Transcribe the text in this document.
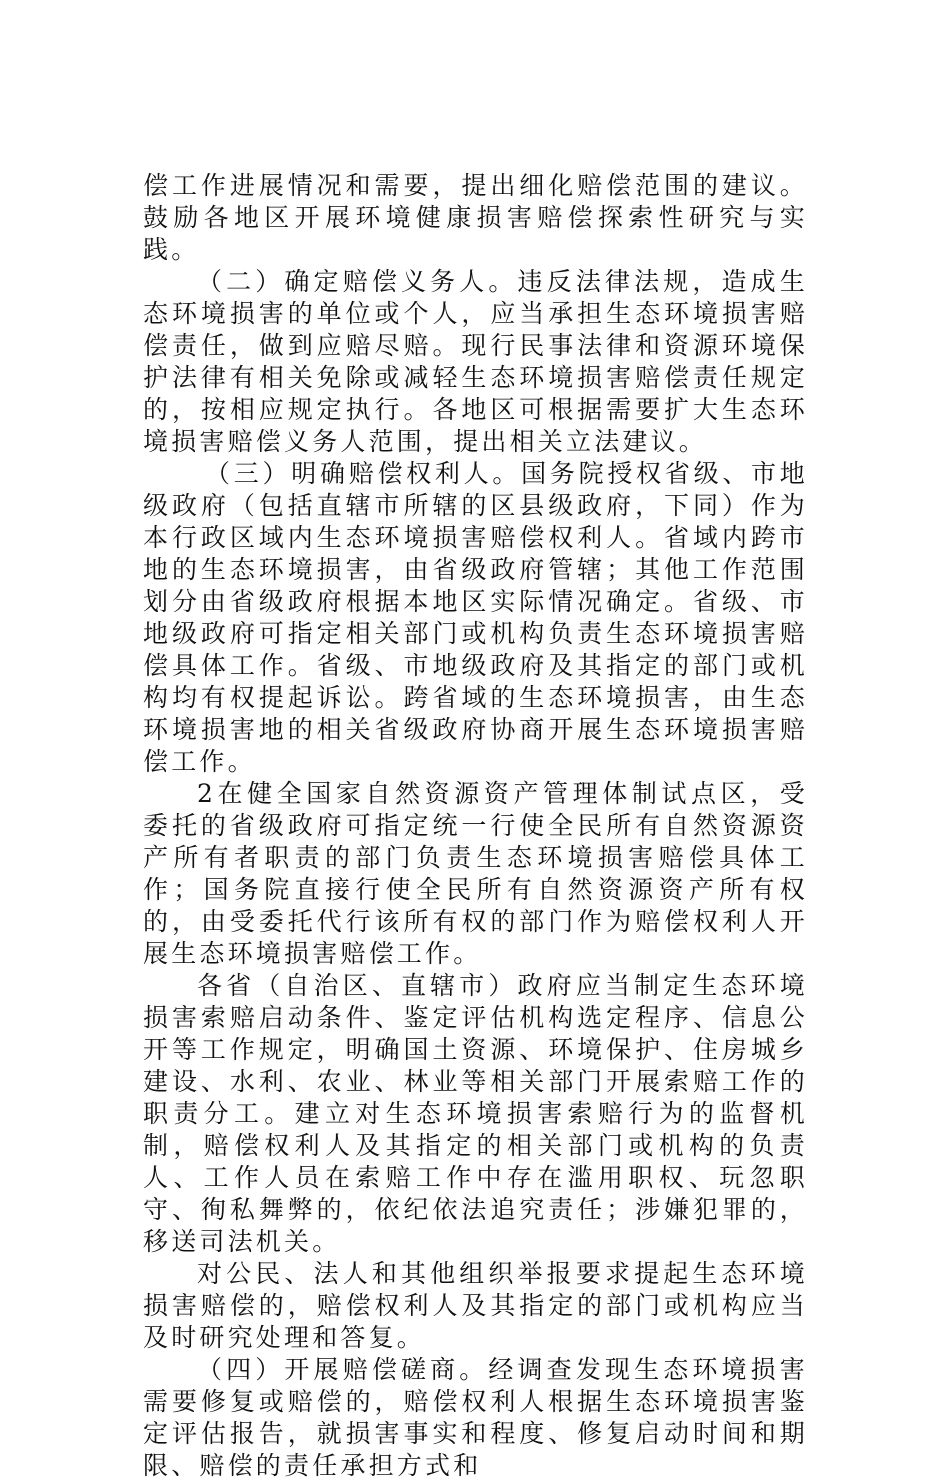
偿工作进展情况和需要，提出细化赔偿范围的建议。鼓励各地区开展环境健康损害赔偿探索性研究与实践。

（二）确定赔偿义务人。违反法律法规，造成生态环境损害的单位或个人，应当承担生态环境损害赔偿责任，做到应赔尽赔。现行民事法律和资源环境保护法律有相关免除或减轻生态环境损害赔偿责任规定的，按相应规定执行。各地区可根据需要扩大生态环境损害赔偿义务人范围，提出相关立法建议。

（三）明确赔偿权利人。国务院授权省级、市地级政府（包括直辖市所辖的区县级政府，下同）作为本行政区域内生态环境损害赔偿权利人。省域内跨市地的生态环境损害，由省级政府管辖；其他工作范围划分由省级政府根据本地区实际情况确定。省级、市地级政府可指定相关部门或机构负责生态环境损害赔偿具体工作。省级、市地级政府及其指定的部门或机构均有权提起诉讼。跨省域的生态环境损害，由生态环境损害地的相关省级政府协商开展生态环境损害赔偿工作。

2在健全国家自然资源资产管理体制试点区，受委托的省级政府可指定统一行使全民所有自然资源资产所有者职责的部门负责生态环境损害赔偿具体工作；国务院直接行使全民所有自然资源资产所有权的，由受委托代行该所有权的部门作为赔偿权利人开展生态环境损害赔偿工作。

各省（自治区、直辖市）政府应当制定生态环境损害索赔启动条件、鉴定评估机构选定程序、信息公开等工作规定，明确国土资源、环境保护、住房城乡建设、水利、农业、林业等相关部门开展索赔工作的职责分工。建立对生态环境损害索赔行为的监督机制，赔偿权利人及其指定的相关部门或机构的负责人、工作人员在索赔工作中存在滥用职权、玩忽职守、徇私舞弊的，依纪依法追究责任；涉嫌犯罪的，移送司法机关。

对公民、法人和其他组织举报要求提起生态环境损害赔偿的，赔偿权利人及其指定的部门或机构应当及时研究处理和答复。

（四）开展赔偿磋商。经调查发现生态环境损害需要修复或赔偿的，赔偿权利人根据生态环境损害鉴定评估报告，就损害事实和程度、修复启动时间和期限、赔偿的责任承担方式和
